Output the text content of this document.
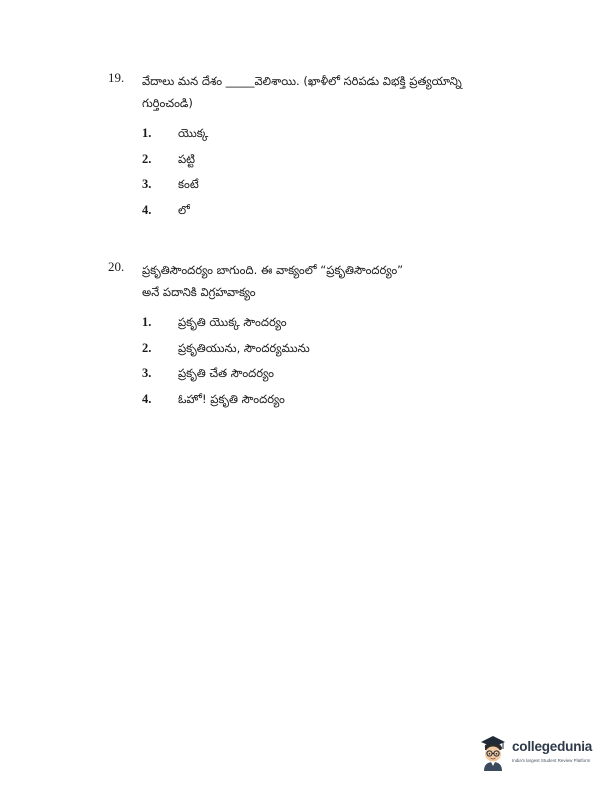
19. వేదాలు మన దేశం _____వెలిశాయి. (ఖాళీలో సరిపడు విభక్తి ప్రత్యయాన్ని
గుర్తించండి)
1. యొక్క
2. పట్టి
3. కంటే
4. లో
20. ప్రకృతిసౌందర్యం బాగుంది. ఈ వాక్యంలో “ప్రకృతిసౌందర్యం”
అనే పదానికి విగ్రహవాక్యం
1. ప్రకృతి యొక్క సౌందర్యం
2. ప్రకృతియును, సౌందర్యమును
3. ప్రకృతి చేత సౌందర్యం
4. ఓహో! ప్రకృతి సౌందర్యం
collegedunia
India's largest Student Review Platform
